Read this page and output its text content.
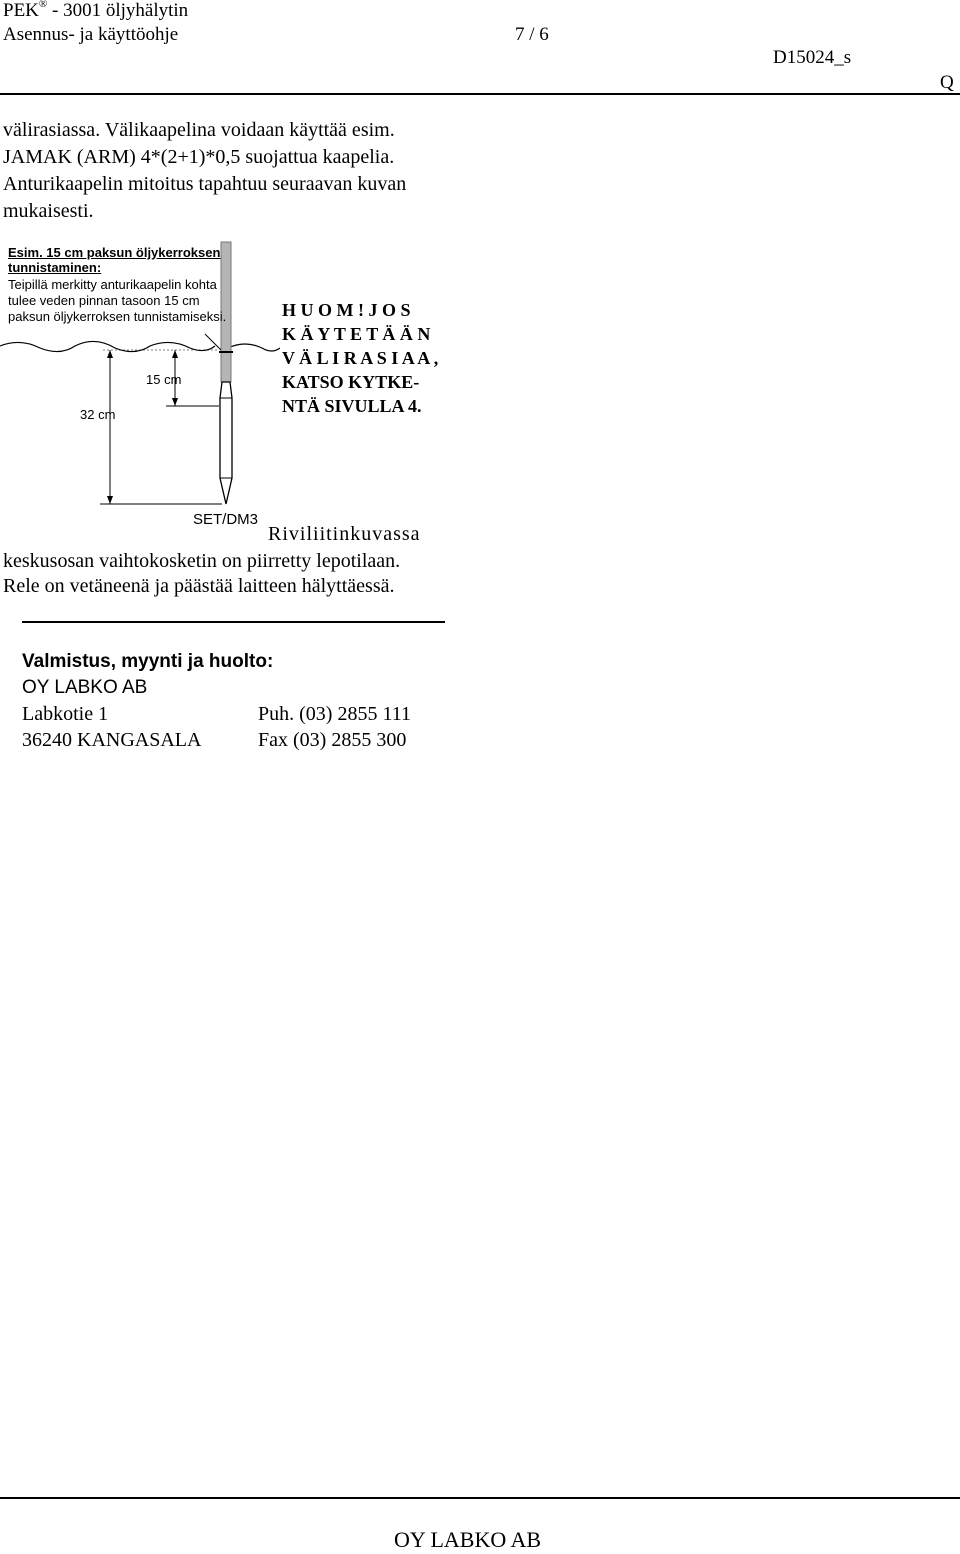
PEK® - 3001 öljyhälytin
Asennus- ja käyttöohje	7 / 6
D15024_s
Q
välirasiassa. Välikaapelina voidaan käyttää esim.
JAMAK (ARM) 4*(2+1)*0,5 suojattua kaapelia.
Anturikaapelin mitoitus tapahtuu seuraavan kuvan
mukaisesti.
Esim. 15 cm paksun öljykerroksen
tunnistaminen:
Teipillä merkitty anturikaapelin kohta
tulee veden pinnan tasoon 15 cm
paksun öljykerroksen tunnistamiseksi.
15 cm
32 cm
SET/DM3
H U O M ! J O S
K Ä Y T E T Ä Ä N
V Ä L I R A S I A A ,
KATSO KYTKE-
NTÄ SIVULLA 4.
Riviliitinkuvassa
keskusosan vaihtokosketin on piirretty lepotilaan.
Rele on vetäneenä ja päästää laitteen hälyttäessä.
Valmistus, myynti ja huolto:
OY LABKO AB
Labkotie 1	Puh. (03) 2855 111
36240 KANGASALA	Fax (03) 2855 300
OY LABKO AB
